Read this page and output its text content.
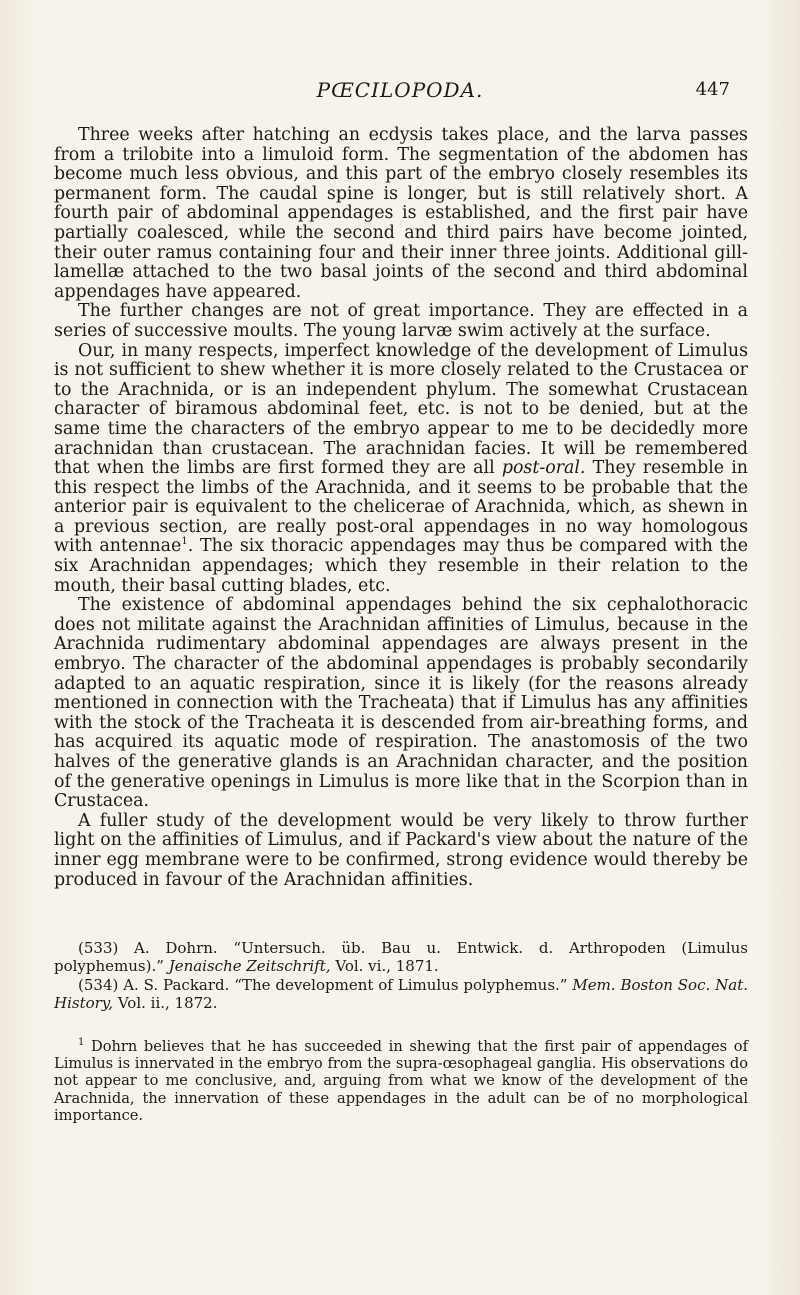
PŒCILOPODA.	447

Three weeks after hatching an ecdysis takes place, and the larva passes from a trilobite into a limuloid form. The segmentation of the abdomen has become much less obvious, and this part of the embryo closely resembles its permanent form. The caudal spine is longer, but is still relatively short. A fourth pair of abdominal appendages is established, and the first pair have partially coalesced, while the second and third pairs have become jointed, their outer ramus containing four and their inner three joints. Additional gill-lamellæ attached to the two basal joints of the second and third abdominal appendages have appeared.

The further changes are not of great importance. They are effected in a series of successive moults. The young larvæ swim actively at the surface.

Our, in many respects, imperfect knowledge of the development of Limulus is not sufficient to shew whether it is more closely related to the Crustacea or to the Arachnida, or is an independent phylum. The somewhat Crustacean character of biramous abdominal feet, etc. is not to be denied, but at the same time the characters of the embryo appear to me to be decidedly more arachnidan than crustacean. The arachnidan facies. It will be remembered that when the limbs are first formed they are all post-oral. They resemble in this respect the limbs of the Arachnida, and it seems to be probable that the anterior pair is equivalent to the chelicerae of Arachnida, which, as shewn in a previous section, are really post-oral appendages in no way homologous with antennae$^1$. The six thoracic appendages may thus be compared with the six Arachnidan appendages; which they resemble in their relation to the mouth, their basal cutting blades, etc.

The existence of abdominal appendages behind the six cephalothoracic does not militate against the Arachnidan affinities of Limulus, because in the Arachnida rudimentary abdominal appendages are always present in the embryo. The character of the abdominal appendages is probably secondarily adapted to an aquatic respiration, since it is likely (for the reasons already mentioned in connection with the Tracheata) that if Limulus has any affinities with the stock of the Tracheata it is descended from air-breathing forms, and has acquired its aquatic mode of respiration. The anastomosis of the two halves of the generative glands is an Arachnidan character, and the position of the generative openings in Limulus is more like that in the Scorpion than in Crustacea.

A fuller study of the development would be very likely to throw further light on the affinities of Limulus, and if Packard's view about the nature of the inner egg membrane were to be confirmed, strong evidence would thereby be produced in favour of the Arachnidan affinities.

(533) A. Dohrn. “Untersuch. üb. Bau u. Entwick. d. Arthropoden (Limulus polyphemus).” Jenaische Zeitschrift, Vol. vi., 1871.

(534) A. S. Packard. “The development of Limulus polyphemus.” Mem. Boston Soc. Nat. History, Vol. ii., 1872.

$^1$ Dohrn believes that he has succeeded in shewing that the first pair of appendages of Limulus is innervated in the embryo from the supra-œsophageal ganglia. His observations do not appear to me conclusive, and, arguing from what we know of the development of the Arachnida, the innervation of these appendages in the adult can be of no morphological importance.
